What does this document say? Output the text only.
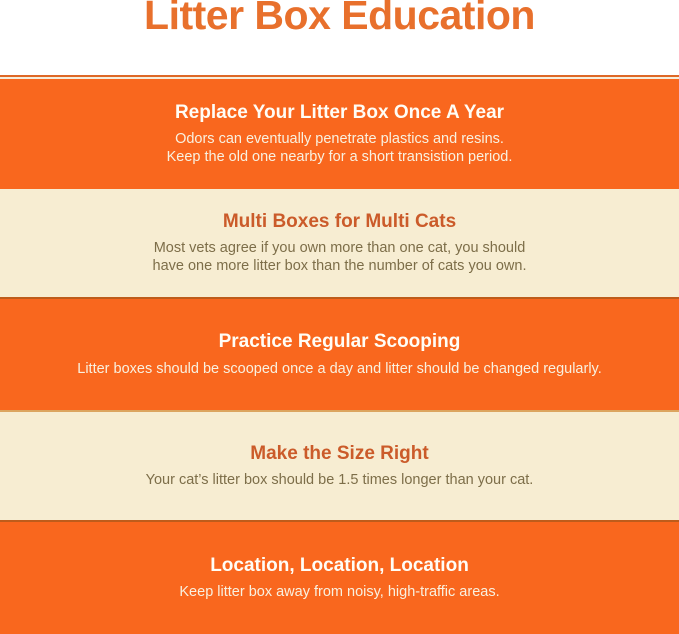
Litter Box Education
Replace Your Litter Box Once A Year

Odors can eventually penetrate plastics and resins.

Keep the old one nearby for a short transistion period.

Multi Boxes for Multi Cats

Most vets agree if you own more than one cat, you should

have one more litter box than the number of cats you own.

Practice Regular Scooping

Litter boxes should be scooped once a day and litter should be changed regularly.

Make the Size Right

Your cat’s litter box should be 1.5 times longer than your cat.

Location, Location, Location

Keep litter box away from noisy, high-traffic areas.
